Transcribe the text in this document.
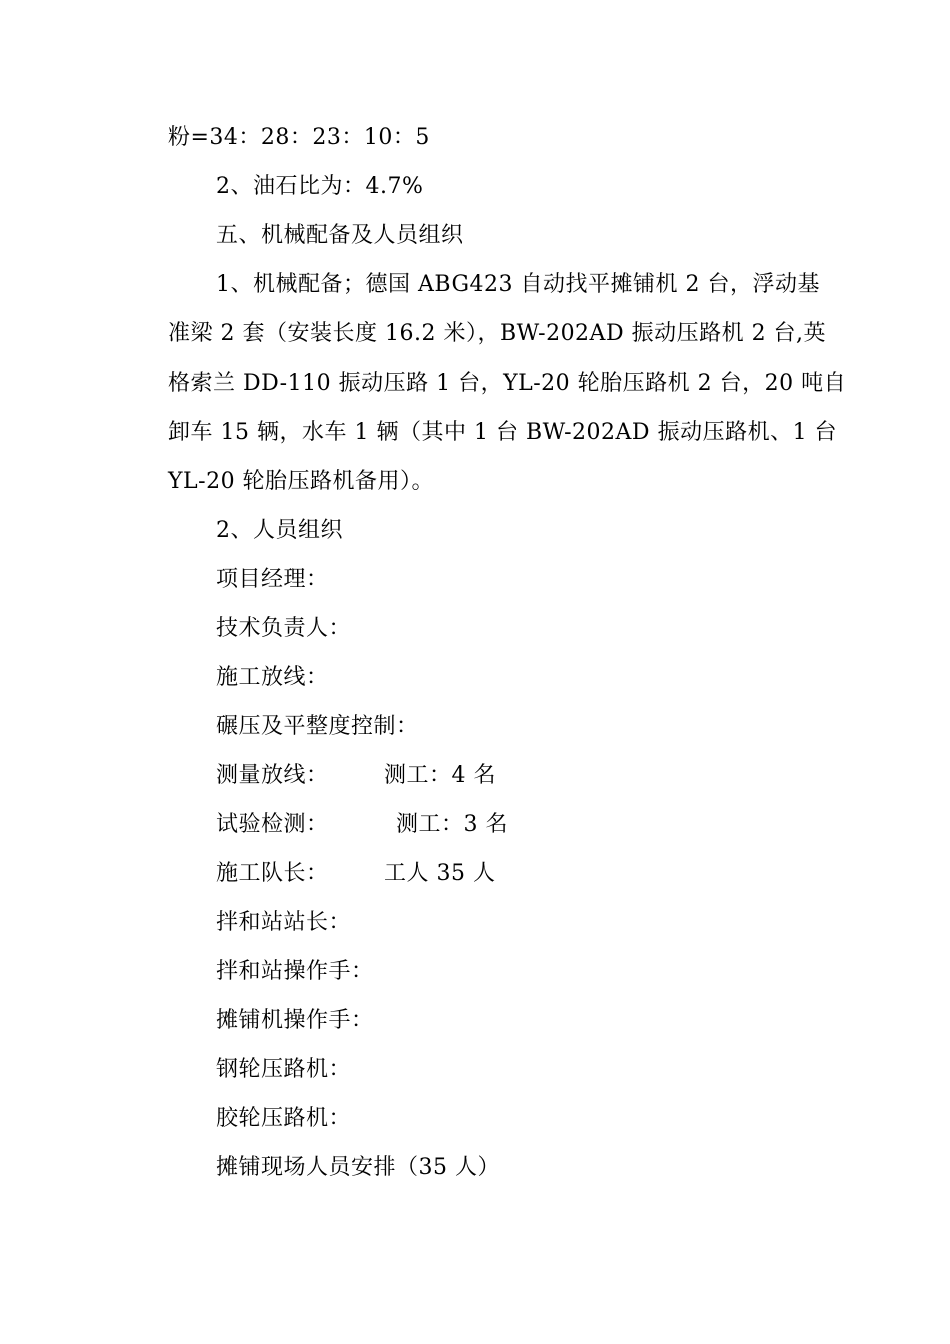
粉=34：28：23：10：5
2、油石比为：4.7%
五、机械配备及人员组织
1、机械配备；德国 ABG423 自动找平摊铺机 2 台，浮动基
准梁 2 套（安装长度 16.2 米），BW-202AD 振动压路机 2 台,英
格索兰 DD-110 振动压路 1 台，YL-20 轮胎压路机 2 台，20 吨自
卸车 15 辆，水车 1 辆（其中 1 台 BW-202AD 振动压路机、1 台
YL-20 轮胎压路机备用）。
2、人员组织
项目经理：
技术负责人：
施工放线：
碾压及平整度控制：
测量放线：	测工：4 名
试验检测：	测工：3 名
施工队长：	工人 35 人
拌和站站长：
拌和站操作手：
摊铺机操作手：
钢轮压路机：
胶轮压路机：
摊铺现场人员安排（35 人）
